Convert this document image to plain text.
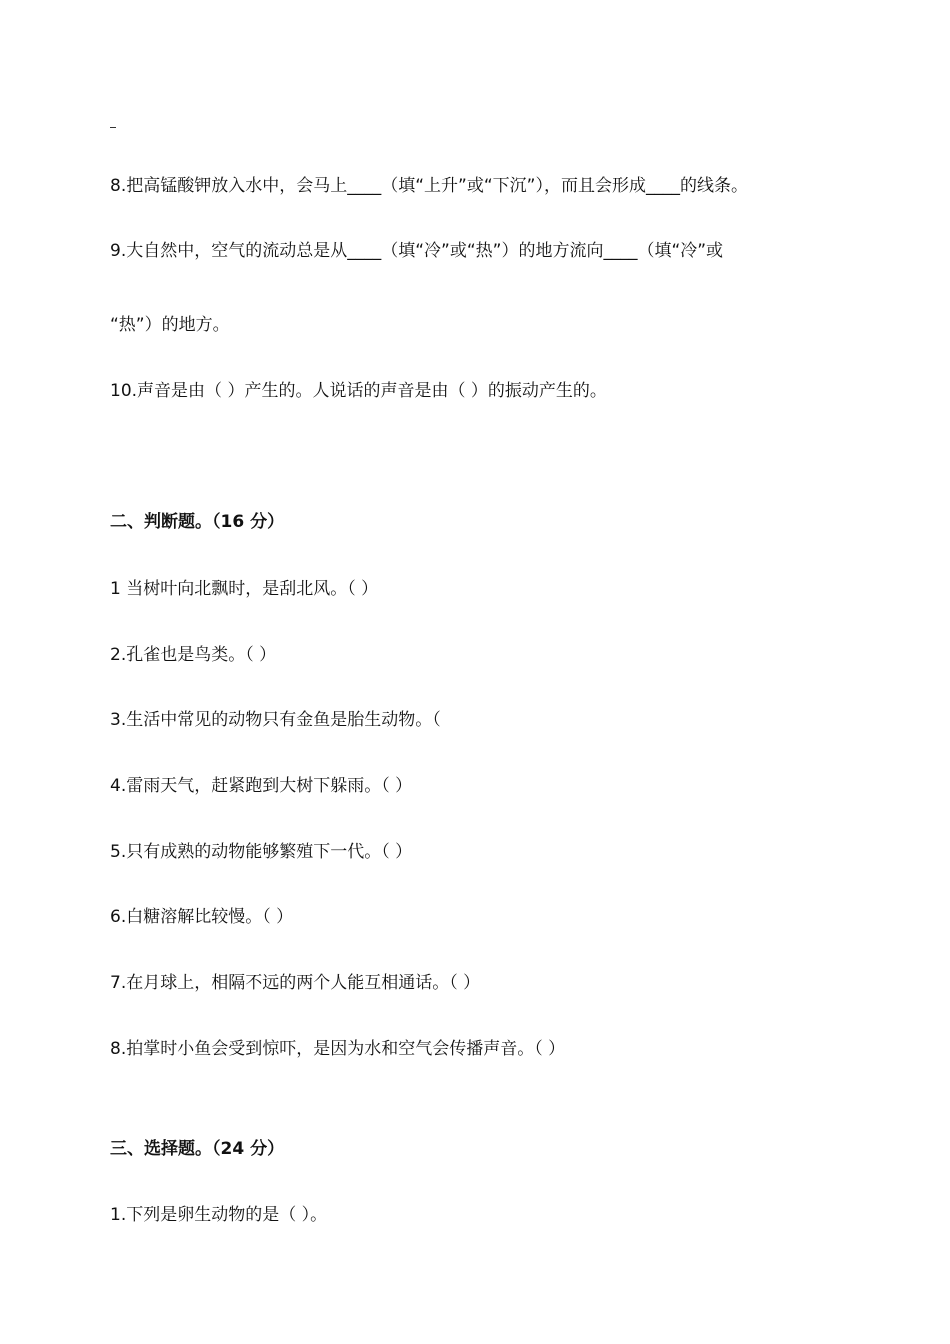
8.把高锰酸钾放入水中，会马上____（填“上升”或“下沉”），而且会形成____的线条。
9.大自然中，空气的流动总是从____（填“冷”或“热”）的地方流向____（填“冷”或
“热”）的地方。
10.声音是由（ ）产生的。人说话的声音是由（ ）的振动产生的。
二、判断题。（16 分）
1 当树叶向北飘时，是刮北风。（ ）
2.孔雀也是鸟类。（ ）
3.生活中常见的动物只有金鱼是胎生动物。（
4.雷雨天气，赶紧跑到大树下躲雨。（ ）
5.只有成熟的动物能够繁殖下一代。（ ）
6.白糖溶解比较慢。（ ）
7.在月球上，相隔不远的两个人能互相通话。（ ）
8.拍掌时小鱼会受到惊吓，是因为水和空气会传播声音。（ ）
三、选择题。（24 分）
1.下列是卵生动物的是（ ）。
